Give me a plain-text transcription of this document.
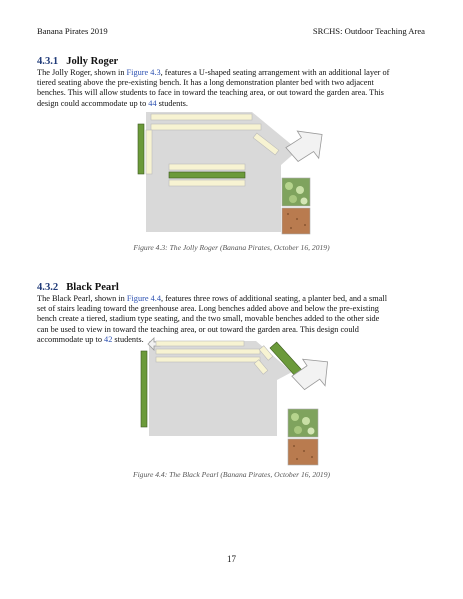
Banana Pirates 2019	SRCHS: Outdoor Teaching Area
4.3.1 Jolly Roger
The Jolly Roger, shown in Figure 4.3, features a U-shaped seating arrangement with an additional layer of
tiered seating above the pre-existing bench. It has a long demonstration planter bed with two adjacent
benches. This will allow students to face in toward the teaching area, or out toward the garden area. This
design could accommodate up to 44 students.
Figure 4.3: The Jolly Roger (Banana Pirates, October 16, 2019)
4.3.2 Black Pearl
The Black Pearl, shown in Figure 4.4, features three rows of additional seating, a planter bed, and a small
set of stairs leading toward the greenhouse area. Long benches added above and below the pre-existing
bench create a tiered, stadium type seating, and the two small, movable benches added to the other side
can be used to view in toward the teaching area, or out toward the garden area. This design could
accommodate up to 42 students.
Figure 4.4: The Black Pearl (Banana Pirates, October 16, 2019)
17
